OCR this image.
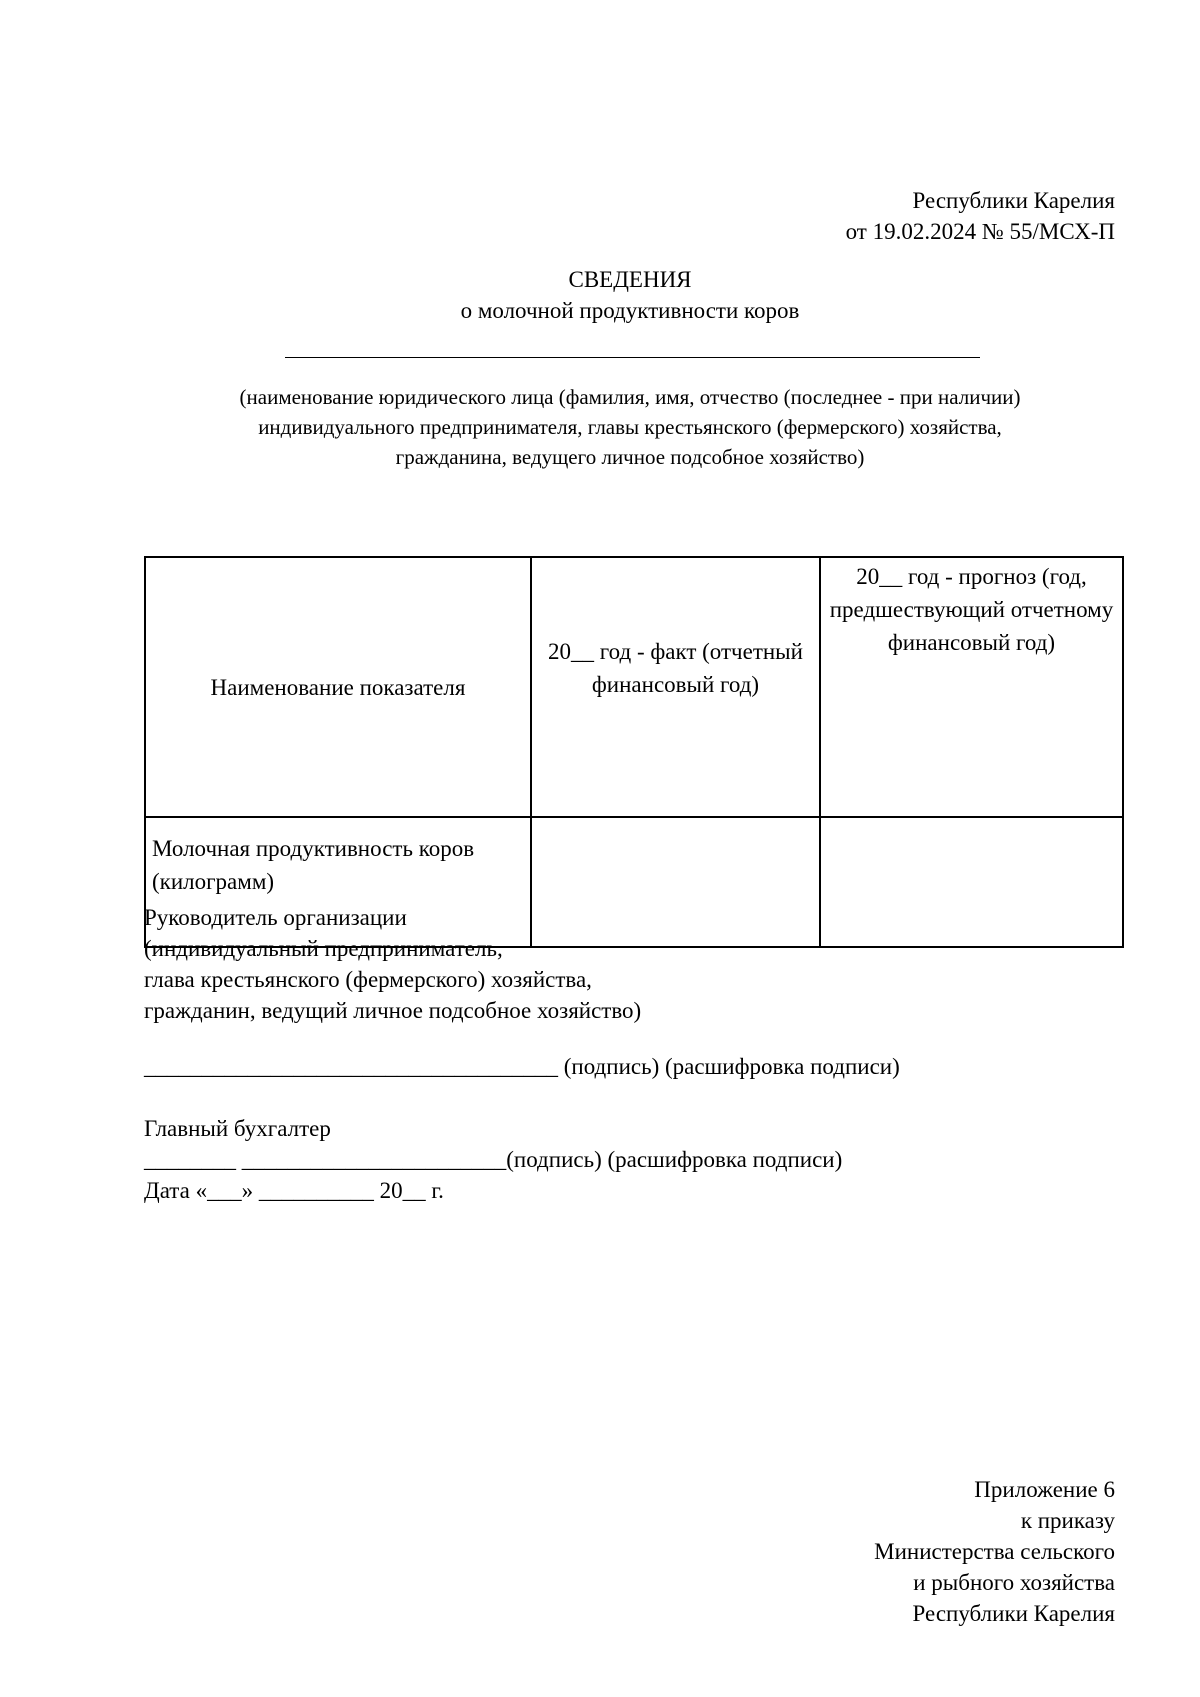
Республики Карелия
от 19.02.2024 № 55/МСХ-П
СВЕДЕНИЯ
о молочной продуктивности коров
(наименование юридического лица (фамилия, имя, отчество (последнее - при наличии)
индивидуального предпринимателя, главы крестьянского (фермерского) хозяйства,
гражданина, ведущего личное подсобное хозяйство)
Наименование показателя	20__ год - факт (отчетный финансовый год)	20__ год - прогноз (год, предшествующий отчетному финансовый год)
Молочная продуктивность коров (килограмм)		
Руководитель организации
(индивидуальный предприниматель,
глава крестьянского (фермерского) хозяйства,
гражданин, ведущий личное подсобное хозяйство)
____________________________________ (подпись) (расшифровка подписи)
Главный бухгалтер
________ _______________________(подпись) (расшифровка подписи)
Дата «___» __________ 20__ г.
Приложение 6
к приказу
Министерства сельского
и рыбного хозяйства
Республики Карелия
